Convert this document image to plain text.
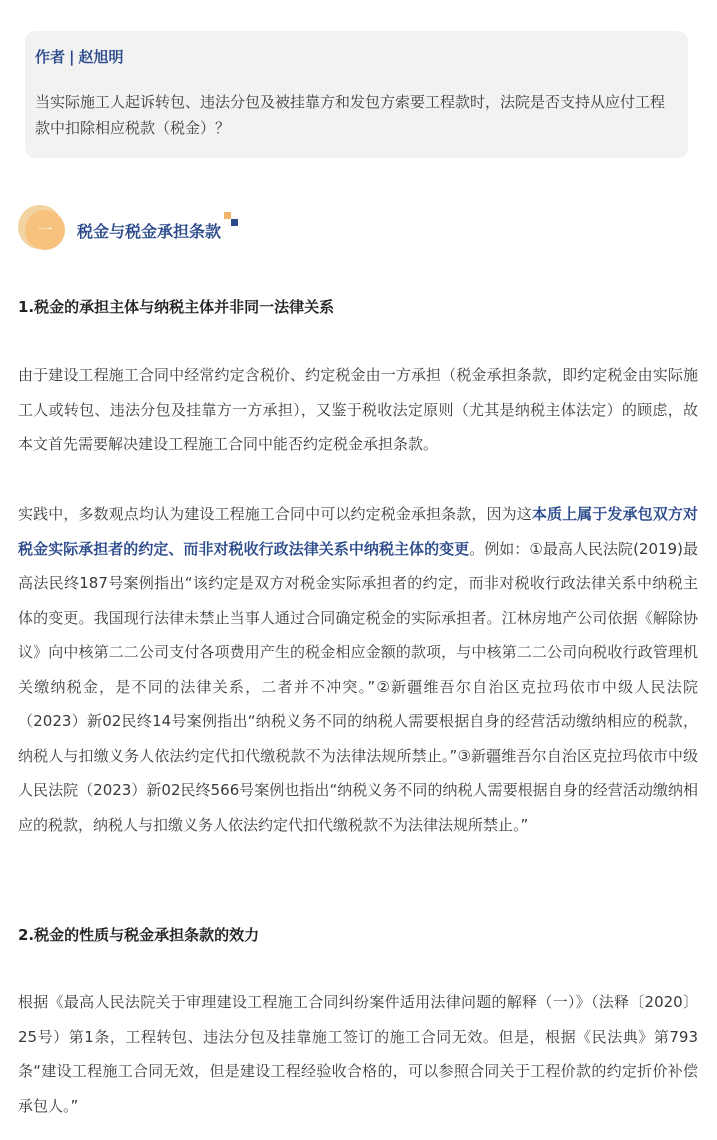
作者 | 赵旭明
当实际施工人起诉转包、违法分包及被挂靠方和发包方索要工程款时，法院是否支持从应付工程款中扣除相应税款（税金）？
一	税金与税金承担条款
1.税金的承担主体与纳税主体并非同一法律关系
由于建设工程施工合同中经常约定含税价、约定税金由一方承担（税金承担条款，即约定税金由实际施工人或转包、违法分包及挂靠方一方承担），又鉴于税收法定原则（尤其是纳税主体法定）的顾虑，故本文首先需要解决建设工程施工合同中能否约定税金承担条款。
实践中，多数观点均认为建设工程施工合同中可以约定税金承担条款，因为这本质上属于发承包双方对税金实际承担者的约定、而非对税收行政法律关系中纳税主体的变更。例如：①最高人民法院(2019)最高法民终187号案例指出“该约定是双方对税金实际承担者的约定，而非对税收行政法律关系中纳税主体的变更。我国现行法律未禁止当事人通过合同确定税金的实际承担者。江林房地产公司依据《解除协议》向中核第二二公司支付各项费用产生的税金相应金额的款项，与中核第二二公司向税收行政管理机关缴纳税金，是不同的法律关系，二者并不冲突。”②新疆维吾尔自治区克拉玛依市中级人民法院（2023）新02民终14号案例指出“纳税义务不同的纳税人需要根据自身的经营活动缴纳相应的税款，纳税人与扣缴义务人依法约定代扣代缴税款不为法律法规所禁止。”③新疆维吾尔自治区克拉玛依市中级人民法院（2023）新02民终566号案例也指出“纳税义务不同的纳税人需要根据自身的经营活动缴纳相应的税款，纳税人与扣缴义务人依法约定代扣代缴税款不为法律法规所禁止。”
2.税金的性质与税金承担条款的效力
根据《最高人民法院关于审理建设工程施工合同纠纷案件适用法律问题的解释（一）》（法释〔2020〕25号）第1条，工程转包、违法分包及挂靠施工签订的施工合同无效。但是，根据《民法典》第793条“建设工程施工合同无效，但是建设工程经验收合格的，可以参照合同关于工程价款的约定折价补偿承包人。”
